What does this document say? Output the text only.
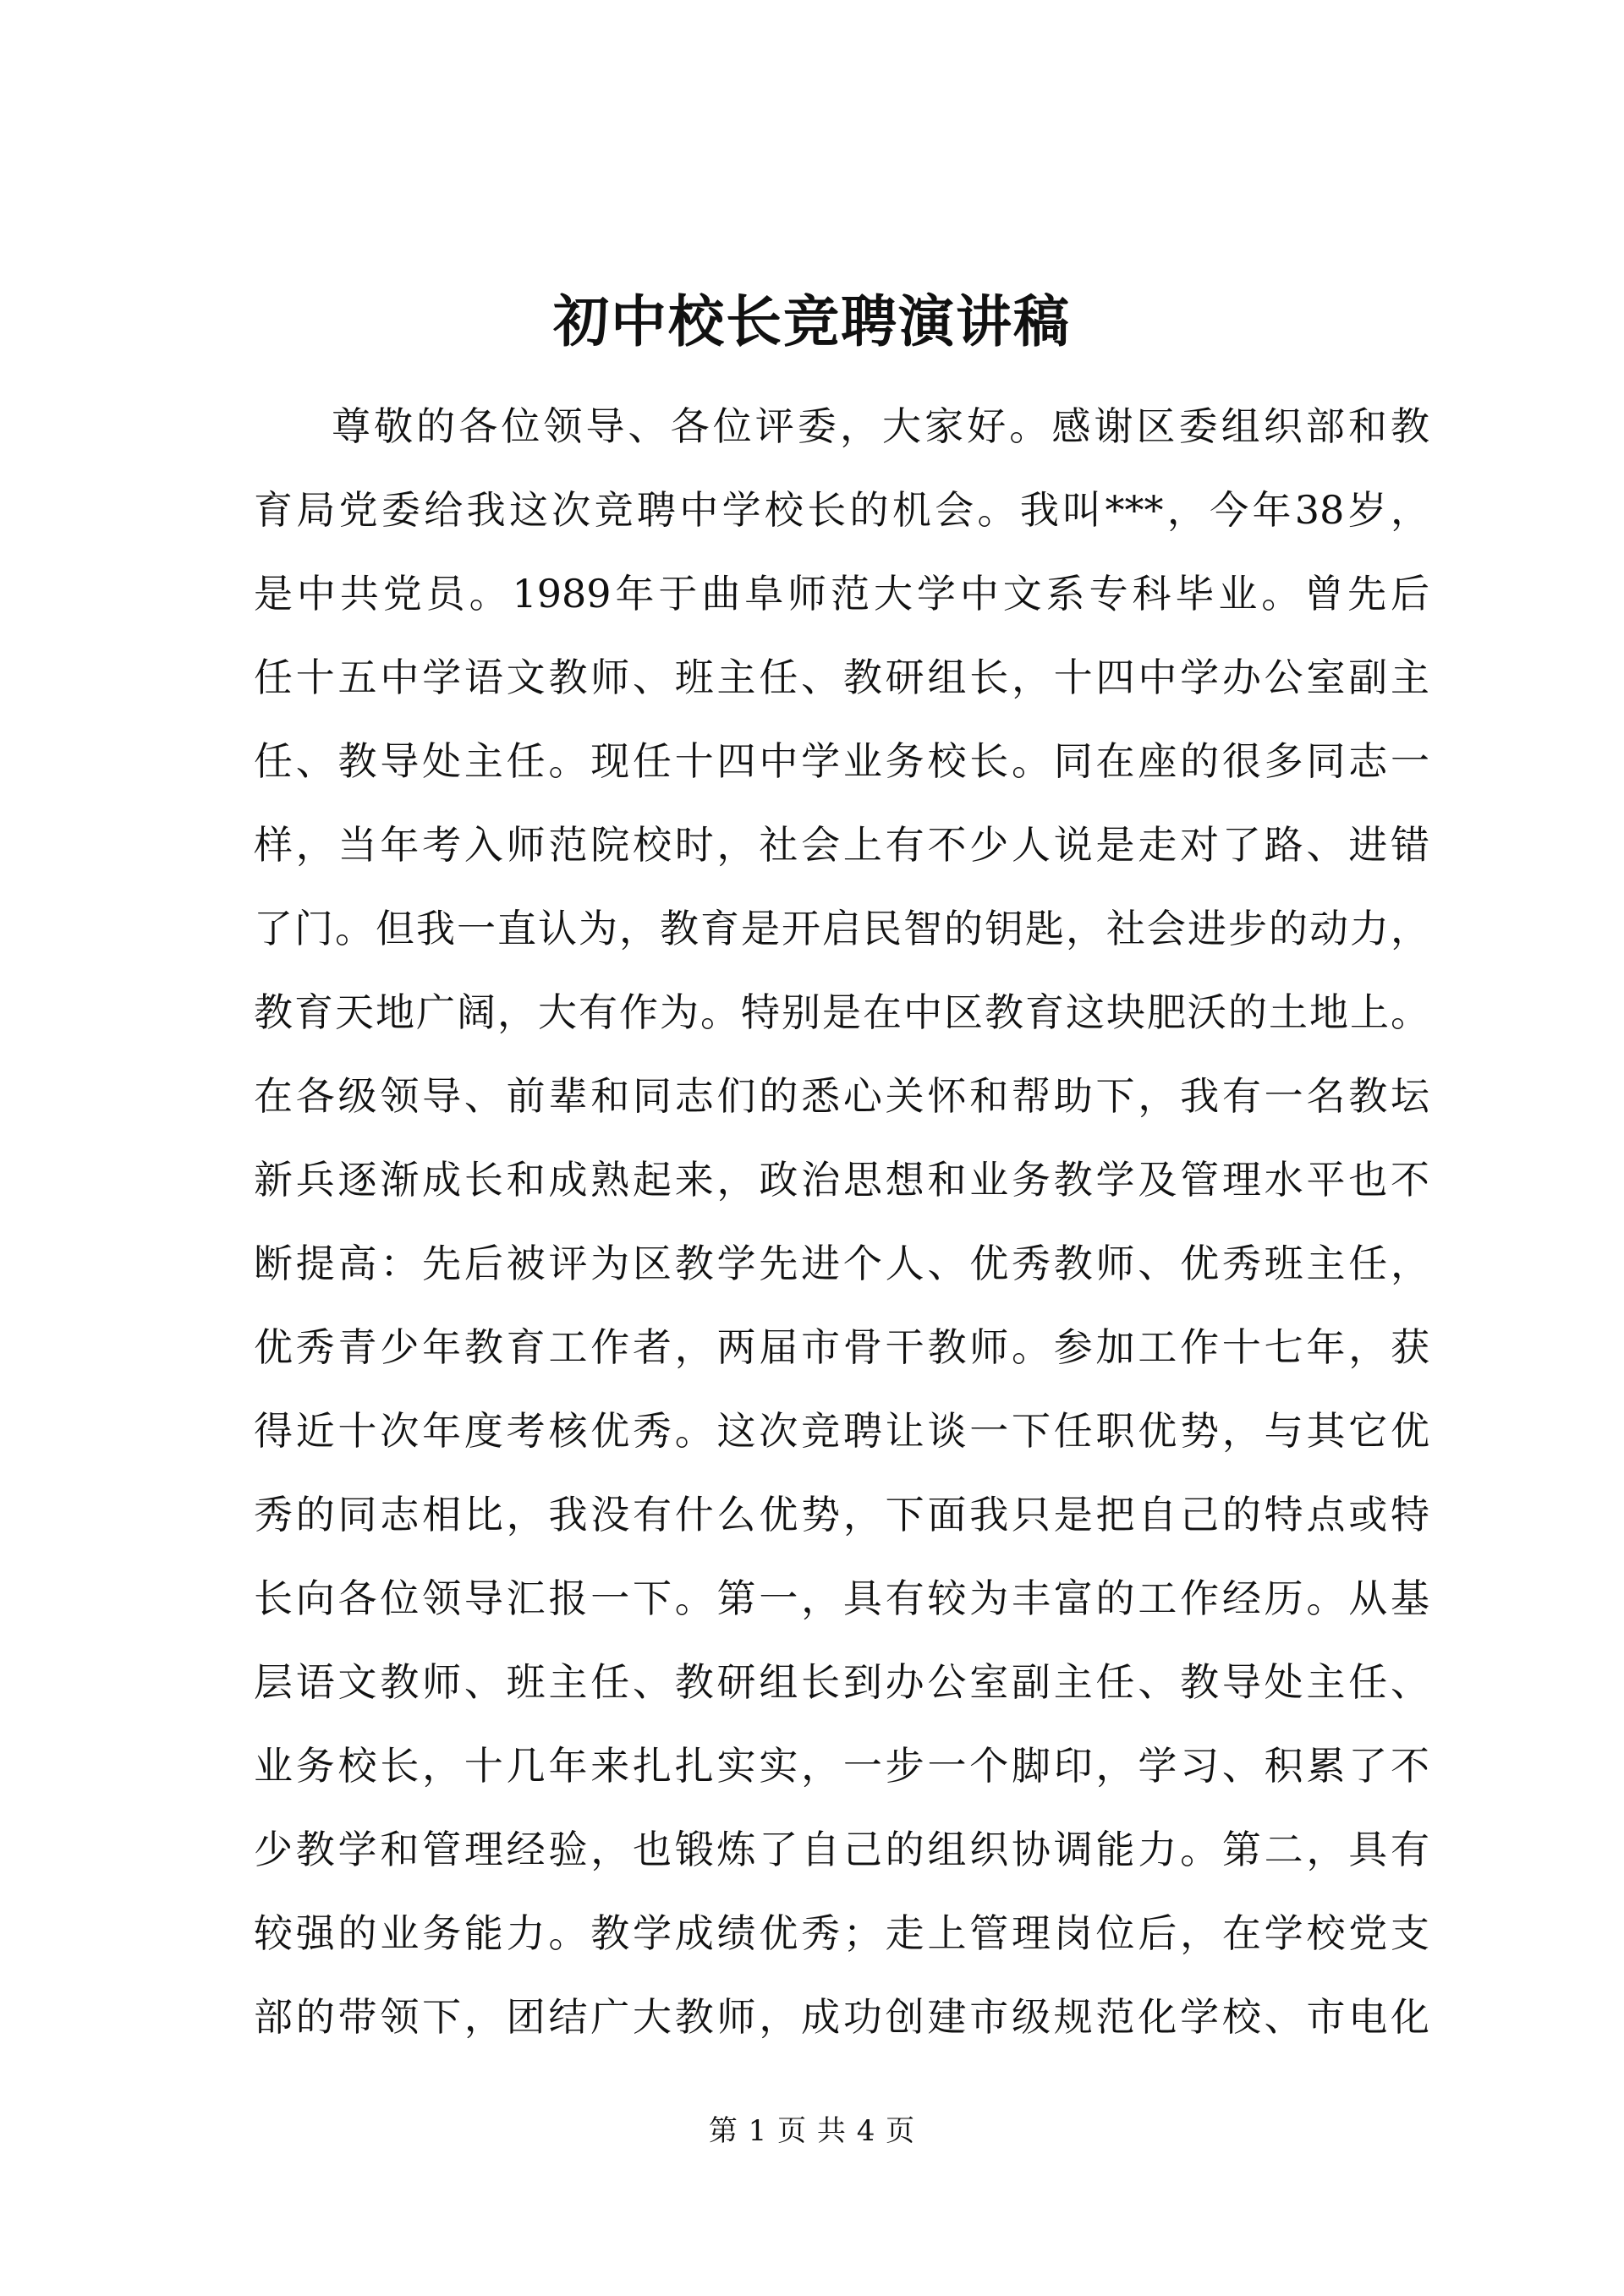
初中校长竞聘演讲稿
尊敬的各位领导、各位评委，大家好。感谢区委组织部和教
育局党委给我这次竞聘中学校长的机会。我叫***，今年38岁，
是中共党员。1989年于曲阜师范大学中文系专科毕业。曾先后
任十五中学语文教师、班主任、教研组长，十四中学办公室副主
任、教导处主任。现任十四中学业务校长。同在座的很多同志一
样，当年考入师范院校时，社会上有不少人说是走对了路、进错
了门。但我一直认为，教育是开启民智的钥匙，社会进步的动力，
教育天地广阔，大有作为。特别是在中区教育这块肥沃的土地上。
在各级领导、前辈和同志们的悉心关怀和帮助下，我有一名教坛
新兵逐渐成长和成熟起来，政治思想和业务教学及管理水平也不
断提高：先后被评为区教学先进个人、优秀教师、优秀班主任，
优秀青少年教育工作者，两届市骨干教师。参加工作十七年，获
得近十次年度考核优秀。这次竞聘让谈一下任职优势，与其它优
秀的同志相比，我没有什么优势，下面我只是把自己的特点或特
长向各位领导汇报一下。第一，具有较为丰富的工作经历。从基
层语文教师、班主任、教研组长到办公室副主任、教导处主任、
业务校长，十几年来扎扎实实，一步一个脚印，学习、积累了不
少教学和管理经验，也锻炼了自己的组织协调能力。第二，具有
较强的业务能力。教学成绩优秀；走上管理岗位后，在学校党支
部的带领下，团结广大教师，成功创建市级规范化学校、市电化
第 1 页 共 4 页
